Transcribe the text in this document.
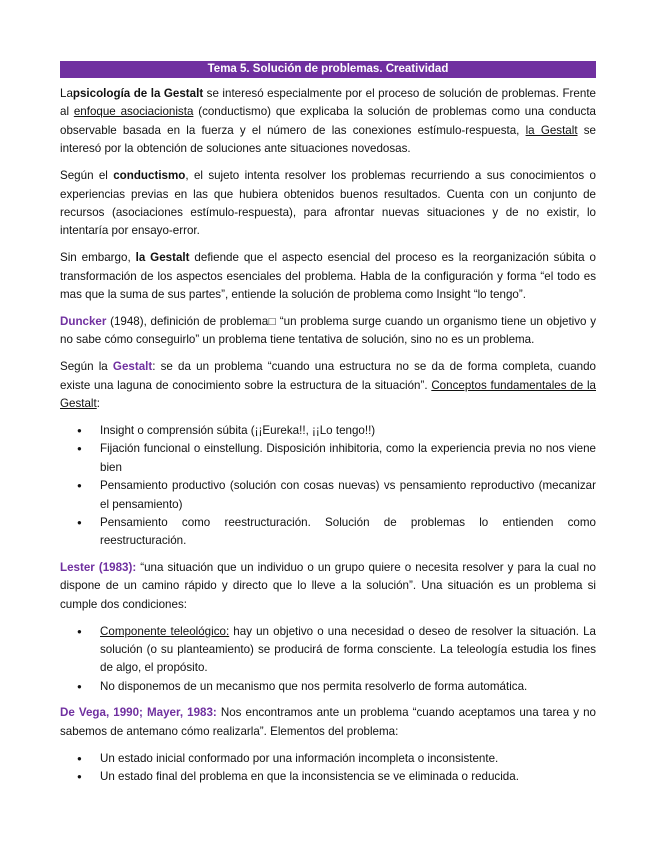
Tema 5. Solución de problemas. Creatividad

Lapsicología de la Gestalt se interesó especialmente por el proceso de solución de problemas. Frente al enfoque asociacionista (conductismo) que explicaba la solución de problemas como una conducta observable basada en la fuerza y el número de las conexiones estímulo-respuesta, la Gestalt se interesó por la obtención de soluciones ante situaciones novedosas.

Según el conductismo, el sujeto intenta resolver los problemas recurriendo a sus conocimientos o experiencias previas en las que hubiera obtenidos buenos resultados. Cuenta con un conjunto de recursos (asociaciones estímulo-respuesta), para afrontar nuevas situaciones y de no existir, lo intentaría por ensayo-error.

Sin embargo, la Gestalt defiende que el aspecto esencial del proceso es la reorganización súbita o transformación de los aspectos esenciales del problema. Habla de la configuración y forma “el todo es mas que la suma de sus partes”, entiende la solución de problema como Insight “lo tengo”.

Duncker (1948), definición de problema□ “un problema surge cuando un organismo tiene un objetivo y no sabe cómo conseguirlo” un problema tiene tentativa de solución, sino no es un problema.

Según la Gestalt: se da un problema “cuando una estructura no se da de forma completa, cuando existe una laguna de conocimiento sobre la estructura de la situación”. Conceptos fundamentales de la Gestalt:

● Insight o comprensión súbita (¡¡Eureka!!, ¡¡Lo tengo!!)
● Fijación funcional o einstellung. Disposición inhibitoria, como la experiencia previa no nos viene bien
● Pensamiento productivo (solución con cosas nuevas) vs pensamiento reproductivo (mecanizar el pensamiento)
● Pensamiento como reestructuración. Solución de problemas lo entienden como reestructuración.

Lester (1983): “una situación que un individuo o un grupo quiere o necesita resolver y para la cual no dispone de un camino rápido y directo que lo lleve a la solución”. Una situación es un problema si cumple dos condiciones:

● Componente teleológico: hay un objetivo o una necesidad o deseo de resolver la situación. La solución (o su planteamiento) se producirá de forma consciente. La teleología estudia los fines de algo, el propósito.
● No disponemos de un mecanismo que nos permita resolverlo de forma automática.

De Vega, 1990; Mayer, 1983: Nos encontramos ante un problema “cuando aceptamos una tarea y no sabemos de antemano cómo realizarla”. Elementos del problema:

● Un estado inicial conformado por una información incompleta o inconsistente.
● Un estado final del problema en que la inconsistencia se ve eliminada o reducida.
